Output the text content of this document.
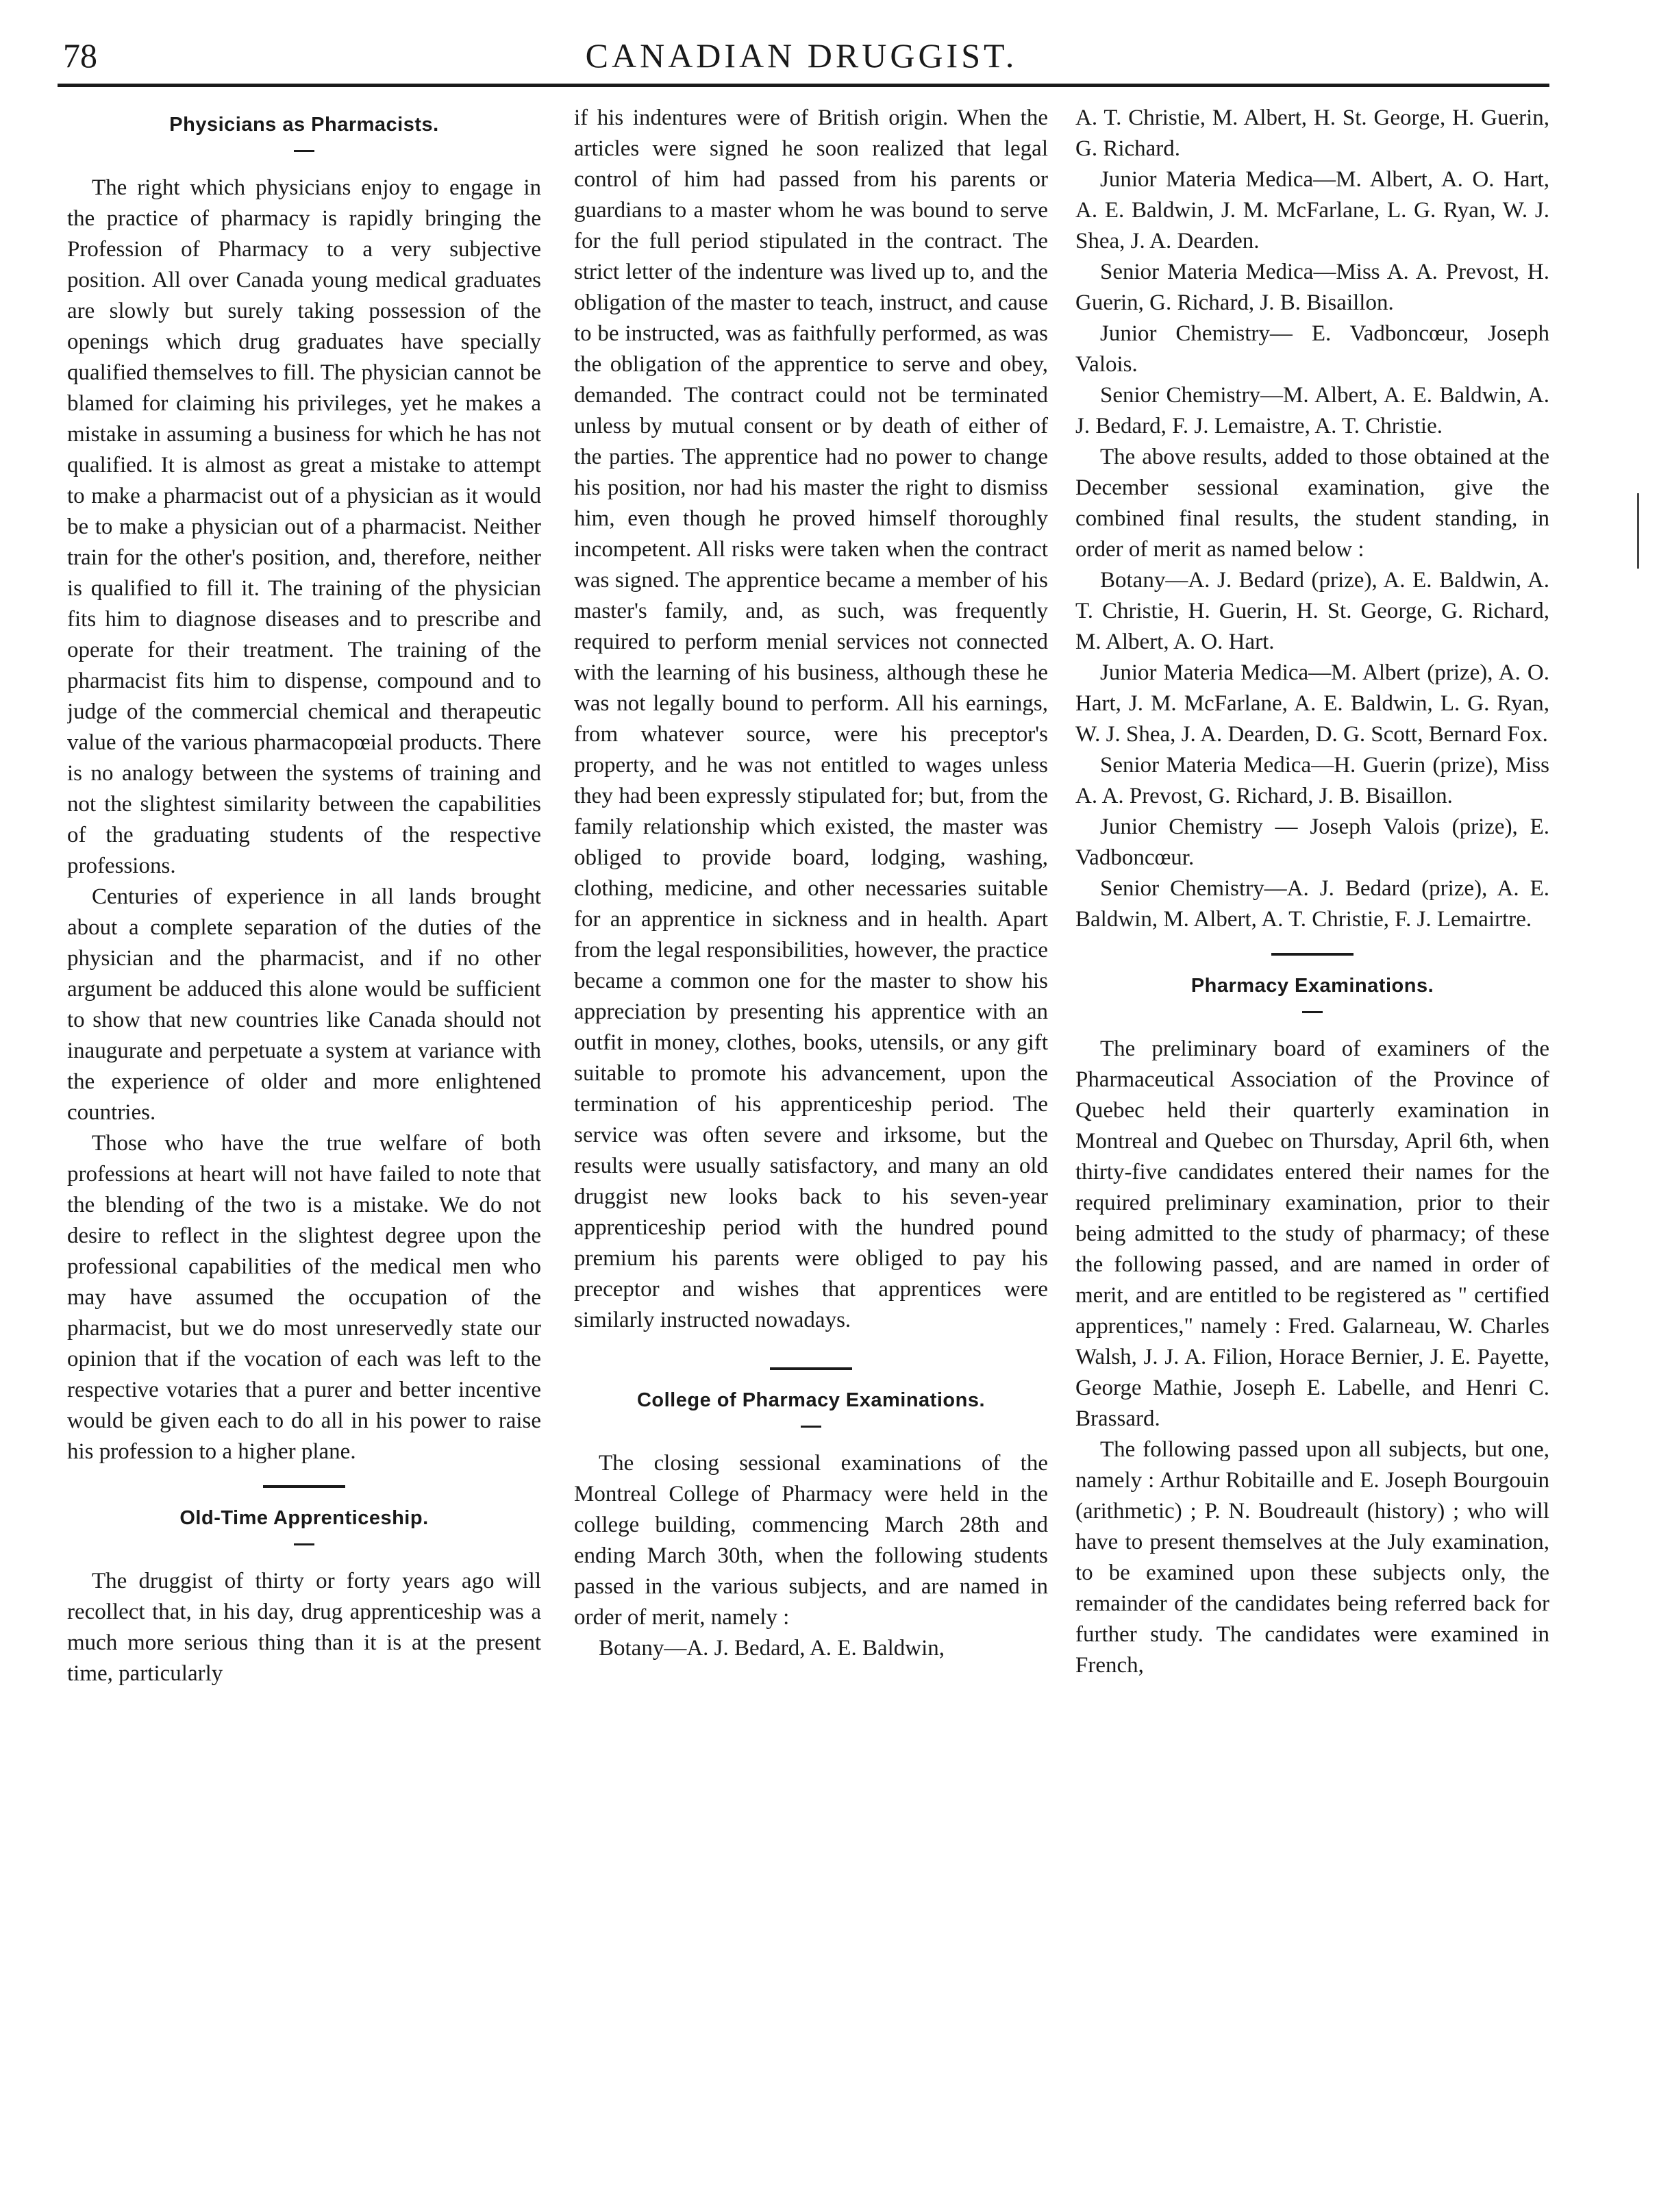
78	CANADIAN DRUGGIST.
Physicians as Pharmacists.

The right which physicians enjoy to engage in the practice of pharmacy is rapidly bringing the Profession of Pharmacy to a very subjective position. All over Canada young medical graduates are slowly but surely taking possession of the openings which drug graduates have specially qualified themselves to fill. The physician cannot be blamed for claiming his privileges, yet he makes a mistake in assuming a business for which he has not qualified. It is almost as great a mistake to attempt to make a pharmacist out of a physician as it would be to make a physician out of a pharmacist. Neither train for the other's position, and, therefore, neither is qualified to fill it. The training of the physician fits him to diagnose diseases and to prescribe and operate for their treatment. The training of the pharmacist fits him to dispense, compound and to judge of the commercial chemical and therapeutic value of the various pharmacopœial products. There is no analogy between the systems of training and not the slightest similarity between the capabilities of the graduating students of the respective professions.

Centuries of experience in all lands brought about a complete separation of the duties of the physician and the pharmacist, and if no other argument be adduced this alone would be sufficient to show that new countries like Canada should not inaugurate and perpetuate a system at variance with the experience of older and more enlightened countries.

Those who have the true welfare of both professions at heart will not have failed to note that the blending of the two is a mistake. We do not desire to reflect in the slightest degree upon the professional capabilities of the medical men who may have assumed the occupation of the pharmacist, but we do most unreservedly state our opinion that if the vocation of each was left to the respective votaries that a purer and better incentive would be given each to do all in his power to raise his profession to a higher plane.

Old-Time Apprenticeship.

The druggist of thirty or forty years ago will recollect that, in his day, drug apprenticeship was a much more serious thing than it is at the present time, particularly

if his indentures were of British origin. When the articles were signed he soon realized that legal control of him had passed from his parents or guardians to a master whom he was bound to serve for the full period stipulated in the contract. The strict letter of the indenture was lived up to, and the obligation of the master to teach, instruct, and cause to be instructed, was as faithfully performed, as was the obligation of the apprentice to serve and obey, demanded. The contract could not be terminated unless by mutual consent or by death of either of the parties. The apprentice had no power to change his position, nor had his master the right to dismiss him, even though he proved himself thoroughly incompetent. All risks were taken when the contract was signed. The apprentice became a member of his master's family, and, as such, was frequently required to perform menial services not connected with the learning of his business, although these he was not legally bound to perform. All his earnings, from whatever source, were his preceptor's property, and he was not entitled to wages unless they had been expressly stipulated for; but, from the family relationship which existed, the master was obliged to provide board, lodging, washing, clothing, medicine, and other necessaries suitable for an apprentice in sickness and in health. Apart from the legal responsibilities, however, the practice became a common one for the master to show his appreciation by presenting his apprentice with an outfit in money, clothes, books, utensils, or any gift suitable to promote his advancement, upon the termination of his apprenticeship period. The service was often severe and irksome, but the results were usually satisfactory, and many an old druggist new looks back to his seven-year apprenticeship period with the hundred pound premium his parents were obliged to pay his preceptor and wishes that apprentices were similarly instructed nowadays.

College of Pharmacy Examinations.

The closing sessional examinations of the Montreal College of Pharmacy were held in the college building, commencing March 28th and ending March 30th, when the following students passed in the various subjects, and are named in order of merit, namely :

Botany—A. J. Bedard, A. E. Baldwin,

A. T. Christie, M. Albert, H. St. George, H. Guerin, G. Richard.

Junior Materia Medica—M. Albert, A. O. Hart, A. E. Baldwin, J. M. McFarlane, L. G. Ryan, W. J. Shea, J. A. Dearden.

Senior Materia Medica—Miss A. A. Prevost, H. Guerin, G. Richard, J. B. Bisaillon.

Junior Chemistry— E. Vadboncœur, Joseph Valois.

Senior Chemistry—M. Albert, A. E. Baldwin, A. J. Bedard, F. J. Lemaistre, A. T. Christie.

The above results, added to those obtained at the December sessional examination, give the combined final results, the student standing, in order of merit as named below :

Botany—A. J. Bedard (prize), A. E. Baldwin, A. T. Christie, H. Guerin, H. St. George, G. Richard, M. Albert, A. O. Hart.

Junior Materia Medica—M. Albert (prize), A. O. Hart, J. M. McFarlane, A. E. Baldwin, L. G. Ryan, W. J. Shea, J. A. Dearden, D. G. Scott, Bernard Fox.

Senior Materia Medica—H. Guerin (prize), Miss A. A. Prevost, G. Richard, J. B. Bisaillon.

Junior Chemistry — Joseph Valois (prize), E. Vadboncœur.

Senior Chemistry—A. J. Bedard (prize), A. E. Baldwin, M. Albert, A. T. Christie, F. J. Lemairtre.

Pharmacy Examinations.

The preliminary board of examiners of the Pharmaceutical Association of the Province of Quebec held their quarterly examination in Montreal and Quebec on Thursday, April 6th, when thirty-five candidates entered their names for the required preliminary examination, prior to their being admitted to the study of pharmacy; of these the following passed, and are named in order of merit, and are entitled to be registered as " certified apprentices," namely : Fred. Galarneau, W. Charles Walsh, J. J. A. Filion, Horace Bernier, J. E. Payette, George Mathie, Joseph E. Labelle, and Henri C. Brassard.

The following passed upon all subjects, but one, namely : Arthur Robitaille and E. Joseph Bourgouin (arithmetic) ; P. N. Boudreault (history) ; who will have to present themselves at the July examination, to be examined upon these subjects only, the remainder of the candidates being referred back for further study. The candidates were examined in French,
